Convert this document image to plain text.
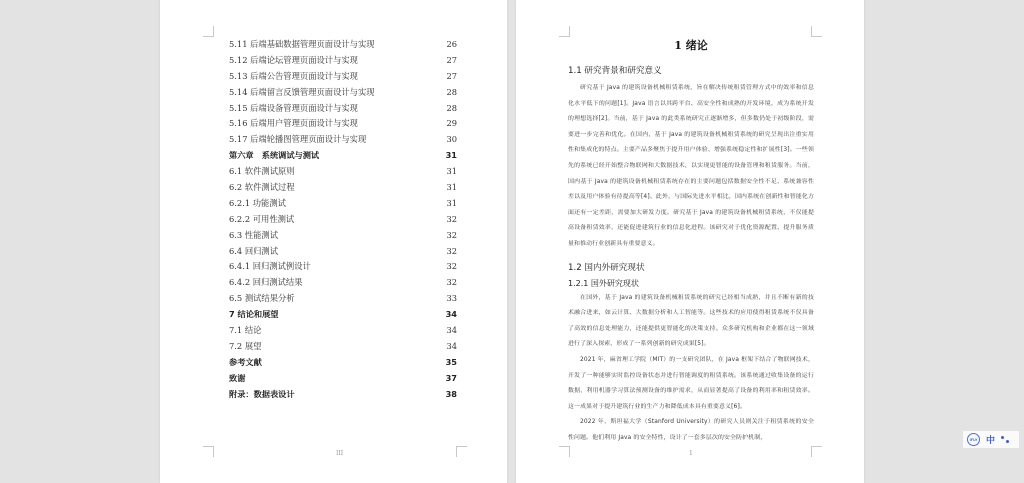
5.11 后端基础数据管理页面设计与实现	26
5.12 后端论坛管理页面设计与实现	27
5.13 后端公告管理页面设计与实现	27
5.14 后端留言反馈管理页面设计与实现	28
5.15 后端设备管理页面设计与实现	28
5.16 后端用户管理页面设计与实现	29
5.17 后端轮播图管理页面设计与实现	30
第六章　系统调试与测试	31
6.1 软件测试原则	31
6.2 软件测试过程	31
6.2.1 功能测试	31
6.2.2 可用性测试	32
6.3 性能测试	32
6.4 回归测试	32
6.4.1 回归测试例设计	32
6.4.2 回归测试结果	32
6.5 测试结果分析	33
7 结论和展望	34
7.1 结论	34
7.2 展望	34
参考文献	35
致谢	37
附录：数据表设计	38
III
1 绪论
1.1 研究背景和研究意义

研究基于 Java 的建筑设备机械租赁系统，旨在解决传统租赁管理方式中的效率和信息化水平低下的问题[1]。Java 语言以其跨平台、高安全性和成熟的开发环境，成为系统开发的理想选择[2]。当前，基于 Java 的此类系统研究正逐渐增多，但多数仍处于初级阶段，需要进一步完善和优化。在国内，基于 Java 的建筑设备机械租赁系统的研究呈现出注重实用性和集成化的特点。主要产品多聚焦于提升用户体验、增强系统稳定性和扩展性[3]。一些领先的系统已经开始整合物联网和大数据技术，以实现更智能的设备管理和租赁服务。当前，国内基于 Java 的建筑设备机械租赁系统存在的主要问题包括数据安全性不足、系统兼容性差以及用户体验有待提高等[4]。此外，与国际先进水平相比，国内系统在创新性和智能化方面还有一定差距，需要加大研发力度。研究基于 Java 的建筑设备机械租赁系统，不仅能提高设备租赁效率，还能促进建筑行业的信息化进程。该研究对于优化资源配置、提升服务质量和推动行业创新具有重要意义。

1.2 国内外研究现状
1.2.1 国外研究现状

在国外，基于 Java 的建筑设备机械租赁系统的研究已经相当成熟，并且不断有新的技术融合进来，如云计算、大数据分析和人工智能等。这些技术的应用使得租赁系统不仅具备了高效的信息处理能力，还能提供更智能化的决策支持。众多研究机构和企业都在这一领域进行了深入探索，形成了一系列创新的研究成果[5]。

2021 年，麻省理工学院（MIT）的一支研究团队，在 Java 框架下结合了物联网技术，开发了一种能够实时监控设备状态并进行智能调度的租赁系统。该系统通过收集设备的运行数据，利用机器学习算法预测设备的维护需求，从而显著提高了设备的利用率和租赁效率。这一成果对于提升建筑行业的生产力和降低成本具有重要意义[6]。

2022 年，斯坦福大学（Stanford University）的研究人员则关注于租赁系统的安全性问题。他们利用 Java 的安全特性，设计了一套多层次的安全防护机制，

1
iFLY 中
